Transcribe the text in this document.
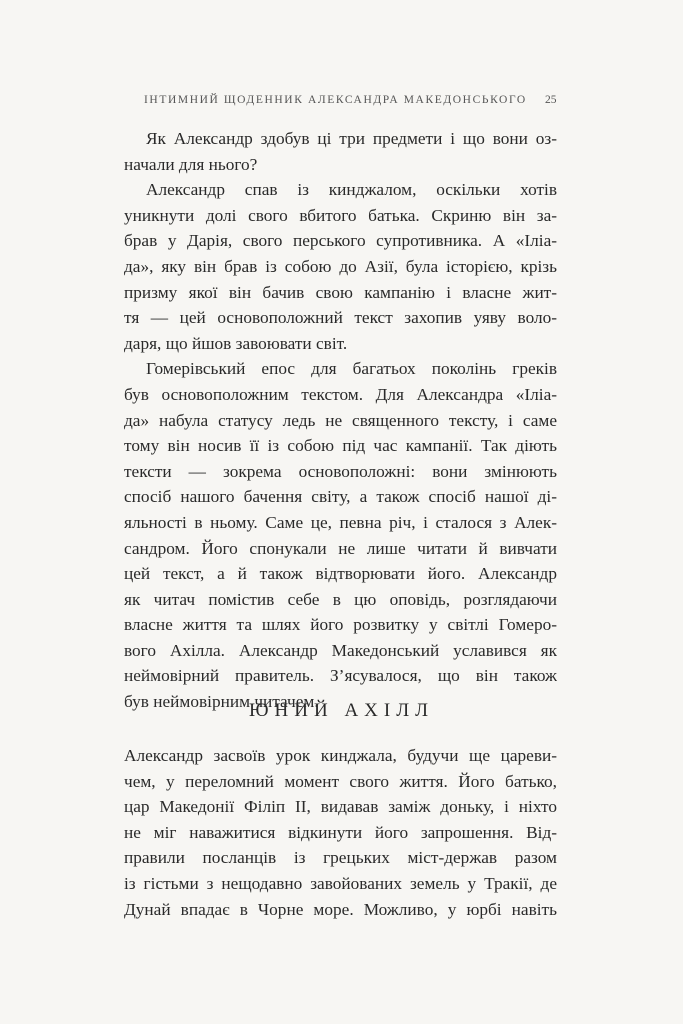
ІНТИМНИЙ ЩОДЕННИК АЛЕКСАНДРА МАКЕДОНСЬКОГО 25
Як Александр здобув ці три предмети і що вони оз-
начали для нього?
Александр спав із кинджалом, оскільки хотів
уникнути долі свого вбитого батька. Скриню він за-
брав у Дарія, свого перського супротивника. А «Іліа-
да», яку він брав із собою до Азії, була історією, крізь
призму якої він бачив свою кампанію і власне жит-
тя — цей основоположний текст захопив уяву воло-
даря, що йшов завоювати світ.
Гомерівський епос для багатьох поколінь греків
був основоположним текстом. Для Александра «Іліа-
да» набула статусу ледь не священного тексту, і саме
тому він носив її із собою під час кампанії. Так діють
тексти — зокрема основоположні: вони змінюють
спосіб нашого бачення світу, а також спосіб нашої ді-
яльності в ньому. Саме це, певна річ, і сталося з Алек-
сандром. Його спонукали не лише читати й вивчати
цей текст, а й також відтворювати його. Александр
як читач помістив себе в цю оповідь, розглядаючи
власне життя та шлях його розвитку у світлі Гомеро-
вого Ахілла. Александр Македонський уславився як
неймовірний правитель. З’ясувалося, що він також
був неймовірним читачем.
ЮНИЙ АХІЛЛ
Александр засвоїв урок кинджала, будучи ще цареви-
чем, у переломний момент свого життя. Його батько,
цар Македонії Філіп II, видавав заміж доньку, і ніхто
не міг наважитися відкинути його запрошення. Від-
правили посланців із грецьких міст-держав разом
із гістьми з нещодавно завойованих земель у Тракії, де
Дунай впадає в Чорне море. Можливо, у юрбі навіть
